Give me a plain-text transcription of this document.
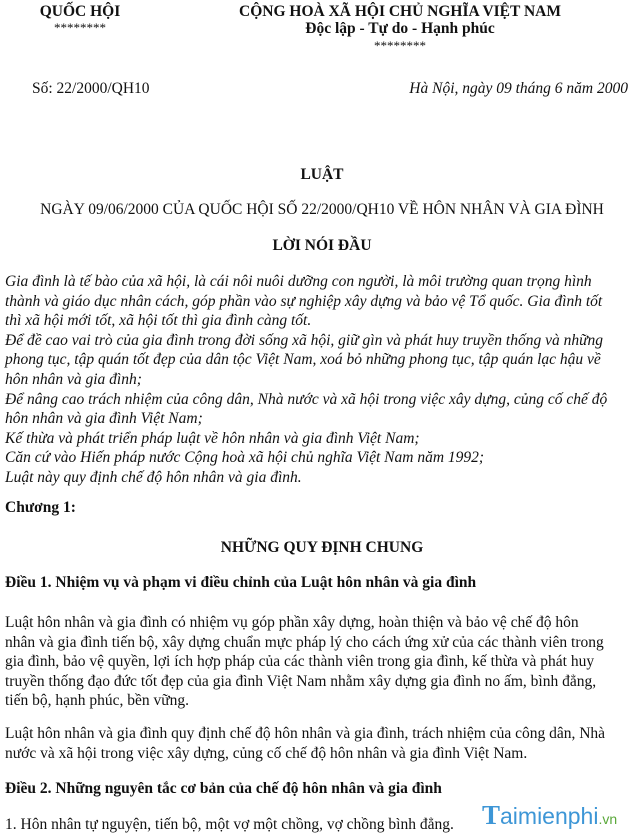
QUỐC HỘI
********
CỘNG HOÀ XÃ HỘI CHỦ NGHĨA VIỆT NAM
Độc lập - Tự do - Hạnh phúc
********
Số: 22/2000/QH10	Hà Nội, ngày 09 tháng 6 năm 2000
LUẬT
NGÀY 09/06/2000 CỦA QUỐC HỘI SỐ 22/2000/QH10 VỀ HÔN NHÂN VÀ GIA ĐÌNH
LỜI NÓI ĐẦU
Gia đình là tế bào của xã hội, là cái nôi nuôi dưỡng con người, là môi trường quan trọng hình
thành và giáo dục nhân cách, góp phần vào sự nghiệp xây dựng và bảo vệ Tổ quốc. Gia đình tốt
thì xã hội mới tốt, xã hội tốt thì gia đình càng tốt.
Để đề cao vai trò của gia đình trong đời sống xã hội, giữ gìn và phát huy truyền thống và những
phong tục, tập quán tốt đẹp của dân tộc Việt Nam, xoá bỏ những phong tục, tập quán lạc hậu về
hôn nhân và gia đình;
Để nâng cao trách nhiệm của công dân, Nhà nước và xã hội trong việc xây dựng, củng cố chế độ
hôn nhân và gia đình Việt Nam;
Kế thừa và phát triển pháp luật về hôn nhân và gia đình Việt Nam;
Căn cứ vào Hiến pháp nước Cộng hoà xã hội chủ nghĩa Việt Nam năm 1992;
Luật này quy định chế độ hôn nhân và gia đình.
Chương 1:
NHỮNG QUY ĐỊNH CHUNG
Điều 1. Nhiệm vụ và phạm vi điều chỉnh của Luật hôn nhân và gia đình
Luật hôn nhân và gia đình có nhiệm vụ góp phần xây dựng, hoàn thiện và bảo vệ chế độ hôn
nhân và gia đình tiến bộ, xây dựng chuẩn mực pháp lý cho cách ứng xử của các thành viên trong
gia đình, bảo vệ quyền, lợi ích hợp pháp của các thành viên trong gia đình, kế thừa và phát huy
truyền thống đạo đức tốt đẹp của gia đình Việt Nam nhằm xây dựng gia đình no ấm, bình đẳng,
tiến bộ, hạnh phúc, bền vững.
Luật hôn nhân và gia đình quy định chế độ hôn nhân và gia đình, trách nhiệm của công dân, Nhà
nước và xã hội trong việc xây dựng, củng cố chế độ hôn nhân và gia đình Việt Nam.
Điều 2. Những nguyên tắc cơ bản của chế độ hôn nhân và gia đình
1. Hôn nhân tự nguyện, tiến bộ, một vợ một chồng, vợ chồng bình đẳng. Taimienphi.vn
